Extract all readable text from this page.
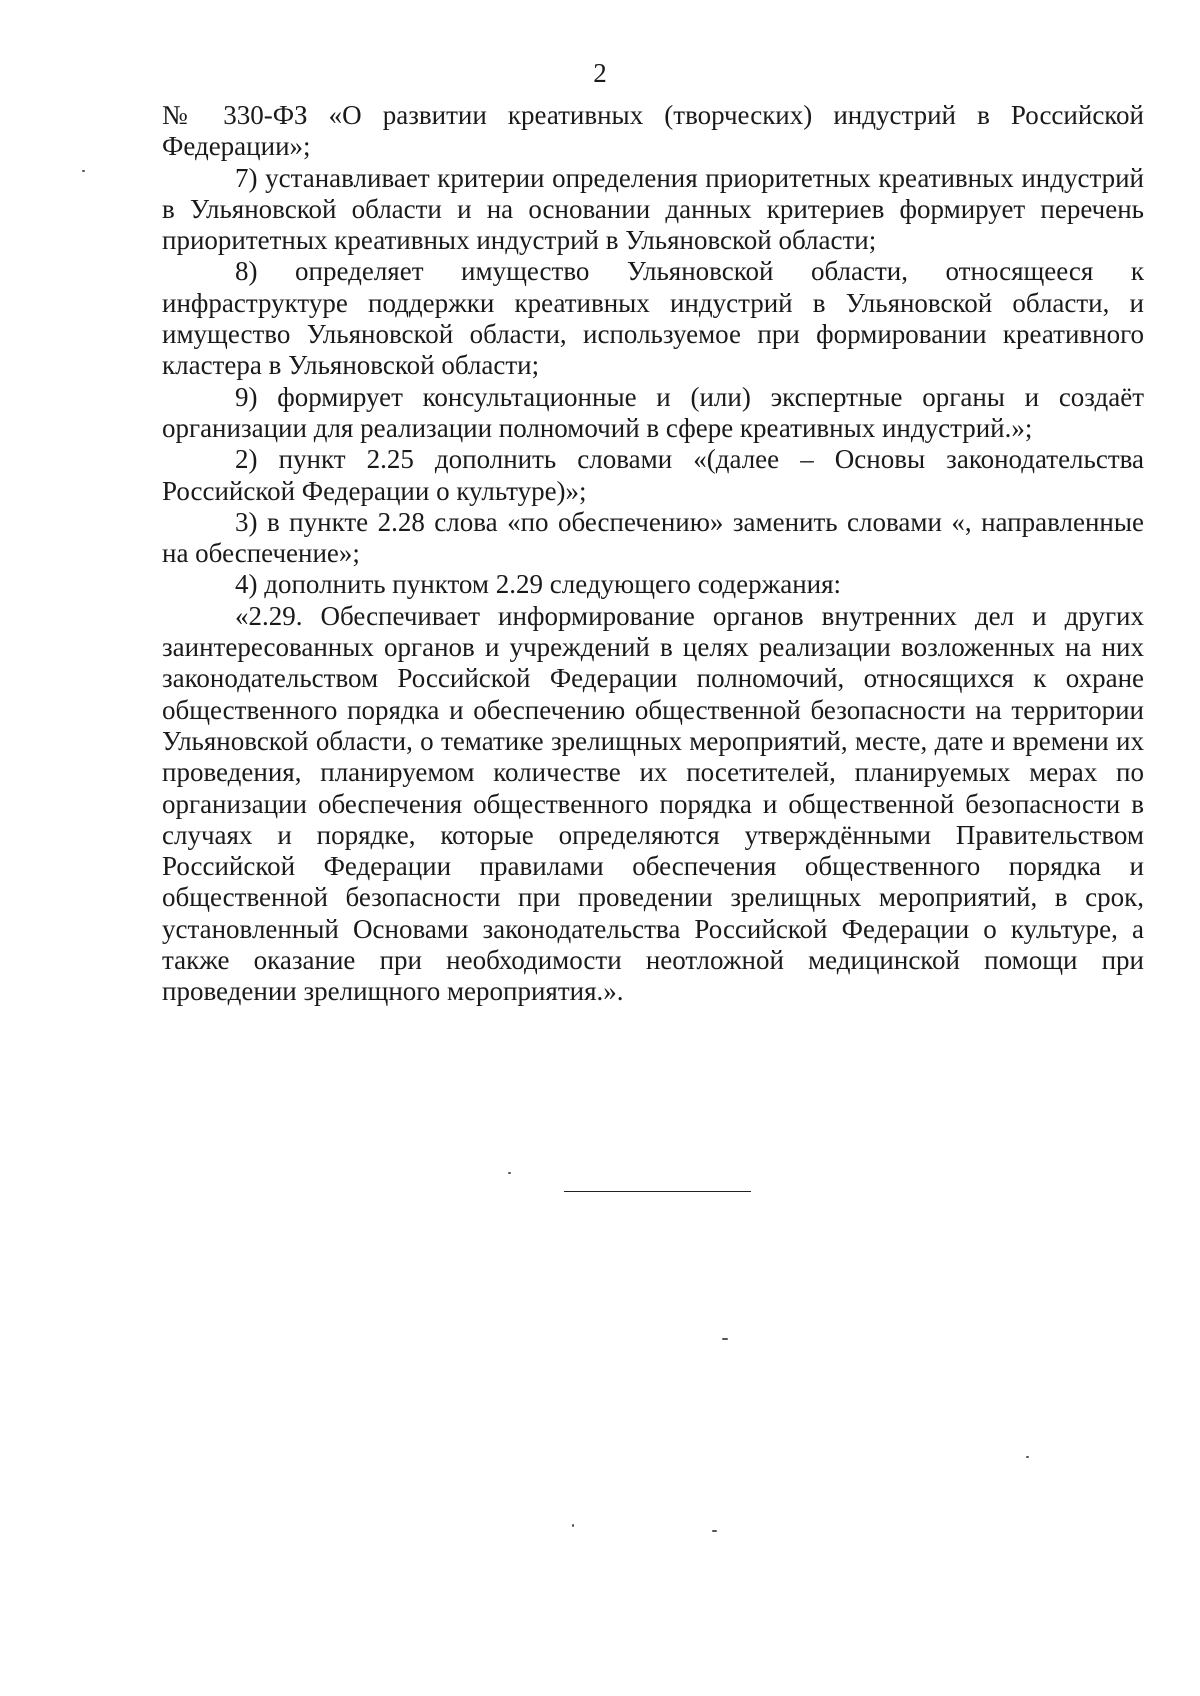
2

№ 330-ФЗ «О развитии креативных (творческих) индустрий в Российской Федерации»;

7) устанавливает критерии определения приоритетных креативных индустрий в Ульяновской области и на основании данных критериев формирует перечень приоритетных креативных индустрий в Ульяновской области;

8) определяет имущество Ульяновской области, относящееся к инфраструктуре поддержки креативных индустрий в Ульяновской области, и имущество Ульяновской области, используемое при формировании креативного кластера в Ульяновской области;

9) формирует консультационные и (или) экспертные органы и создаёт организации для реализации полномочий в сфере креативных индустрий.»;

2) пункт 2.25 дополнить словами «(далее – Основы законодательства Российской Федерации о культуре)»;

3) в пункте 2.28 слова «по обеспечению» заменить словами «, направленные на обеспечение»;

4) дополнить пунктом 2.29 следующего содержания:

«2.29. Обеспечивает информирование органов внутренних дел и других заинтересованных органов и учреждений в целях реализации возложенных на них законодательством Российской Федерации полномочий, относящихся к охране общественного порядка и обеспечению общественной безопасности на территории Ульяновской области, о тематике зрелищных мероприятий, месте, дате и времени их проведения, планируемом количестве их посетителей, планируемых мерах по организации обеспечения общественного порядка и общественной безопасности в случаях и порядке, которые определяются утверждёнными Правительством Российской Федерации правилами обеспечения общественного порядка и общественной безопасности при проведении зрелищных мероприятий, в срок, установленный Основами законодательства Российской Федерации о культуре, а также оказание при необходимости неотложной медицинской помощи при проведении зрелищного мероприятия.».
